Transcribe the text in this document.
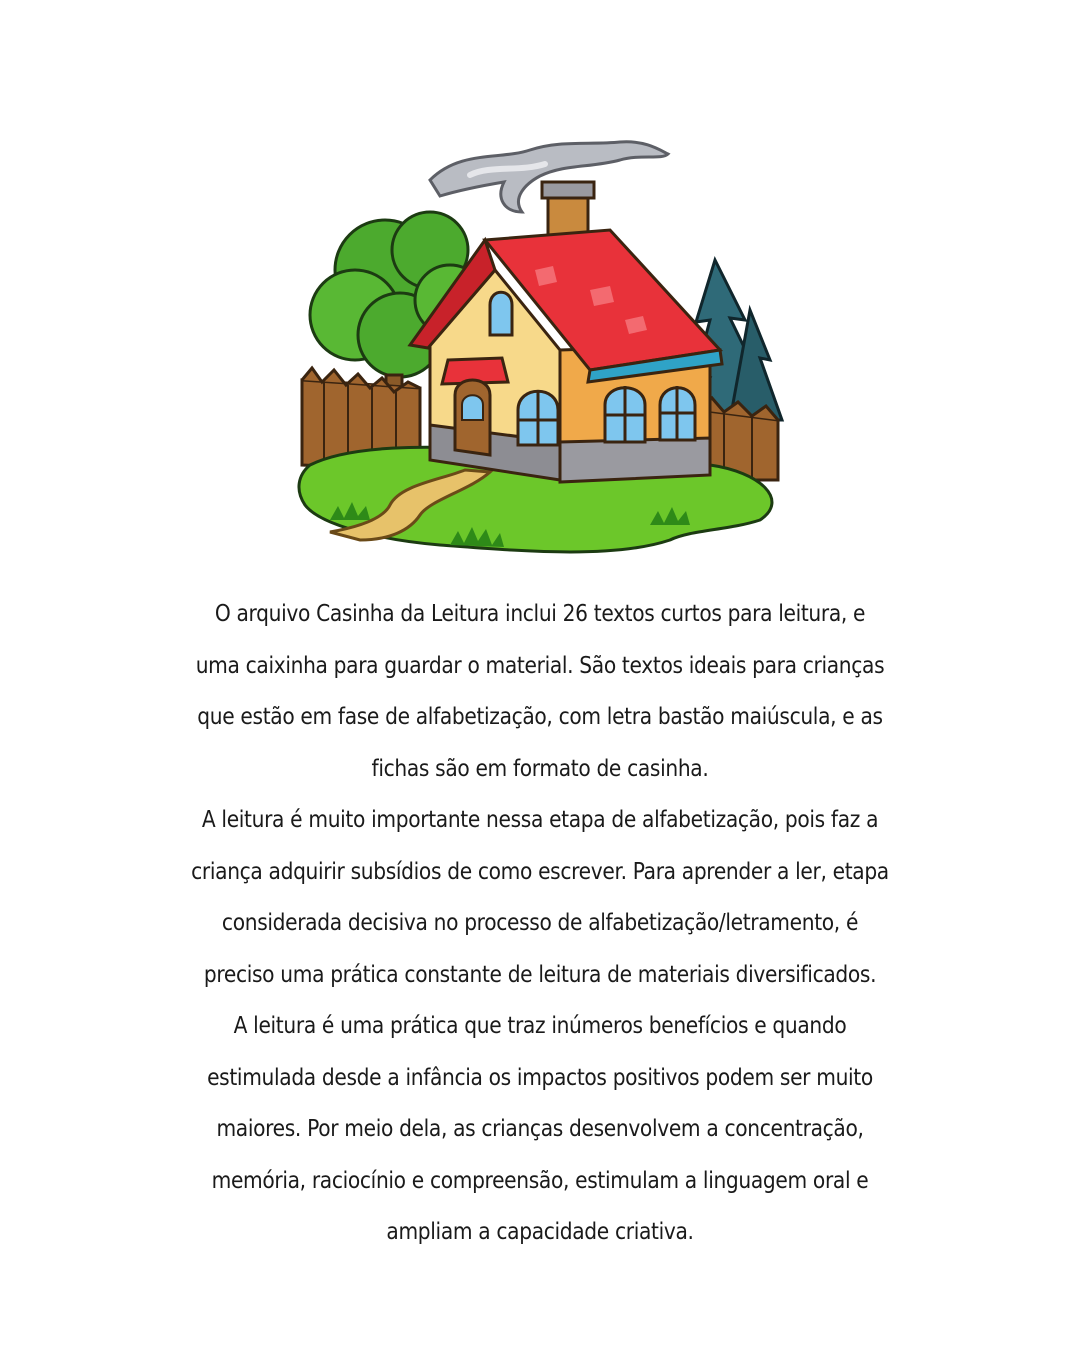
O arquivo Casinha da Leitura inclui 26 textos curtos para leitura, e
uma caixinha para guardar o material. São textos ideais para crianças
que estão em fase de alfabetização, com letra bastão maiúscula, e as
fichas são em formato de casinha.
A leitura é muito importante nessa etapa de alfabetização, pois faz a
criança adquirir subsídios de como escrever. Para aprender a ler, etapa
considerada decisiva no processo de alfabetização/letramento, é
preciso uma prática constante de leitura de materiais diversificados.
A leitura é uma prática que traz inúmeros benefícios e quando
estimulada desde a infância os impactos positivos podem ser muito
maiores. Por meio dela, as crianças desenvolvem a concentração,
memória, raciocínio e compreensão, estimulam a linguagem oral e
ampliam a capacidade criativa.
